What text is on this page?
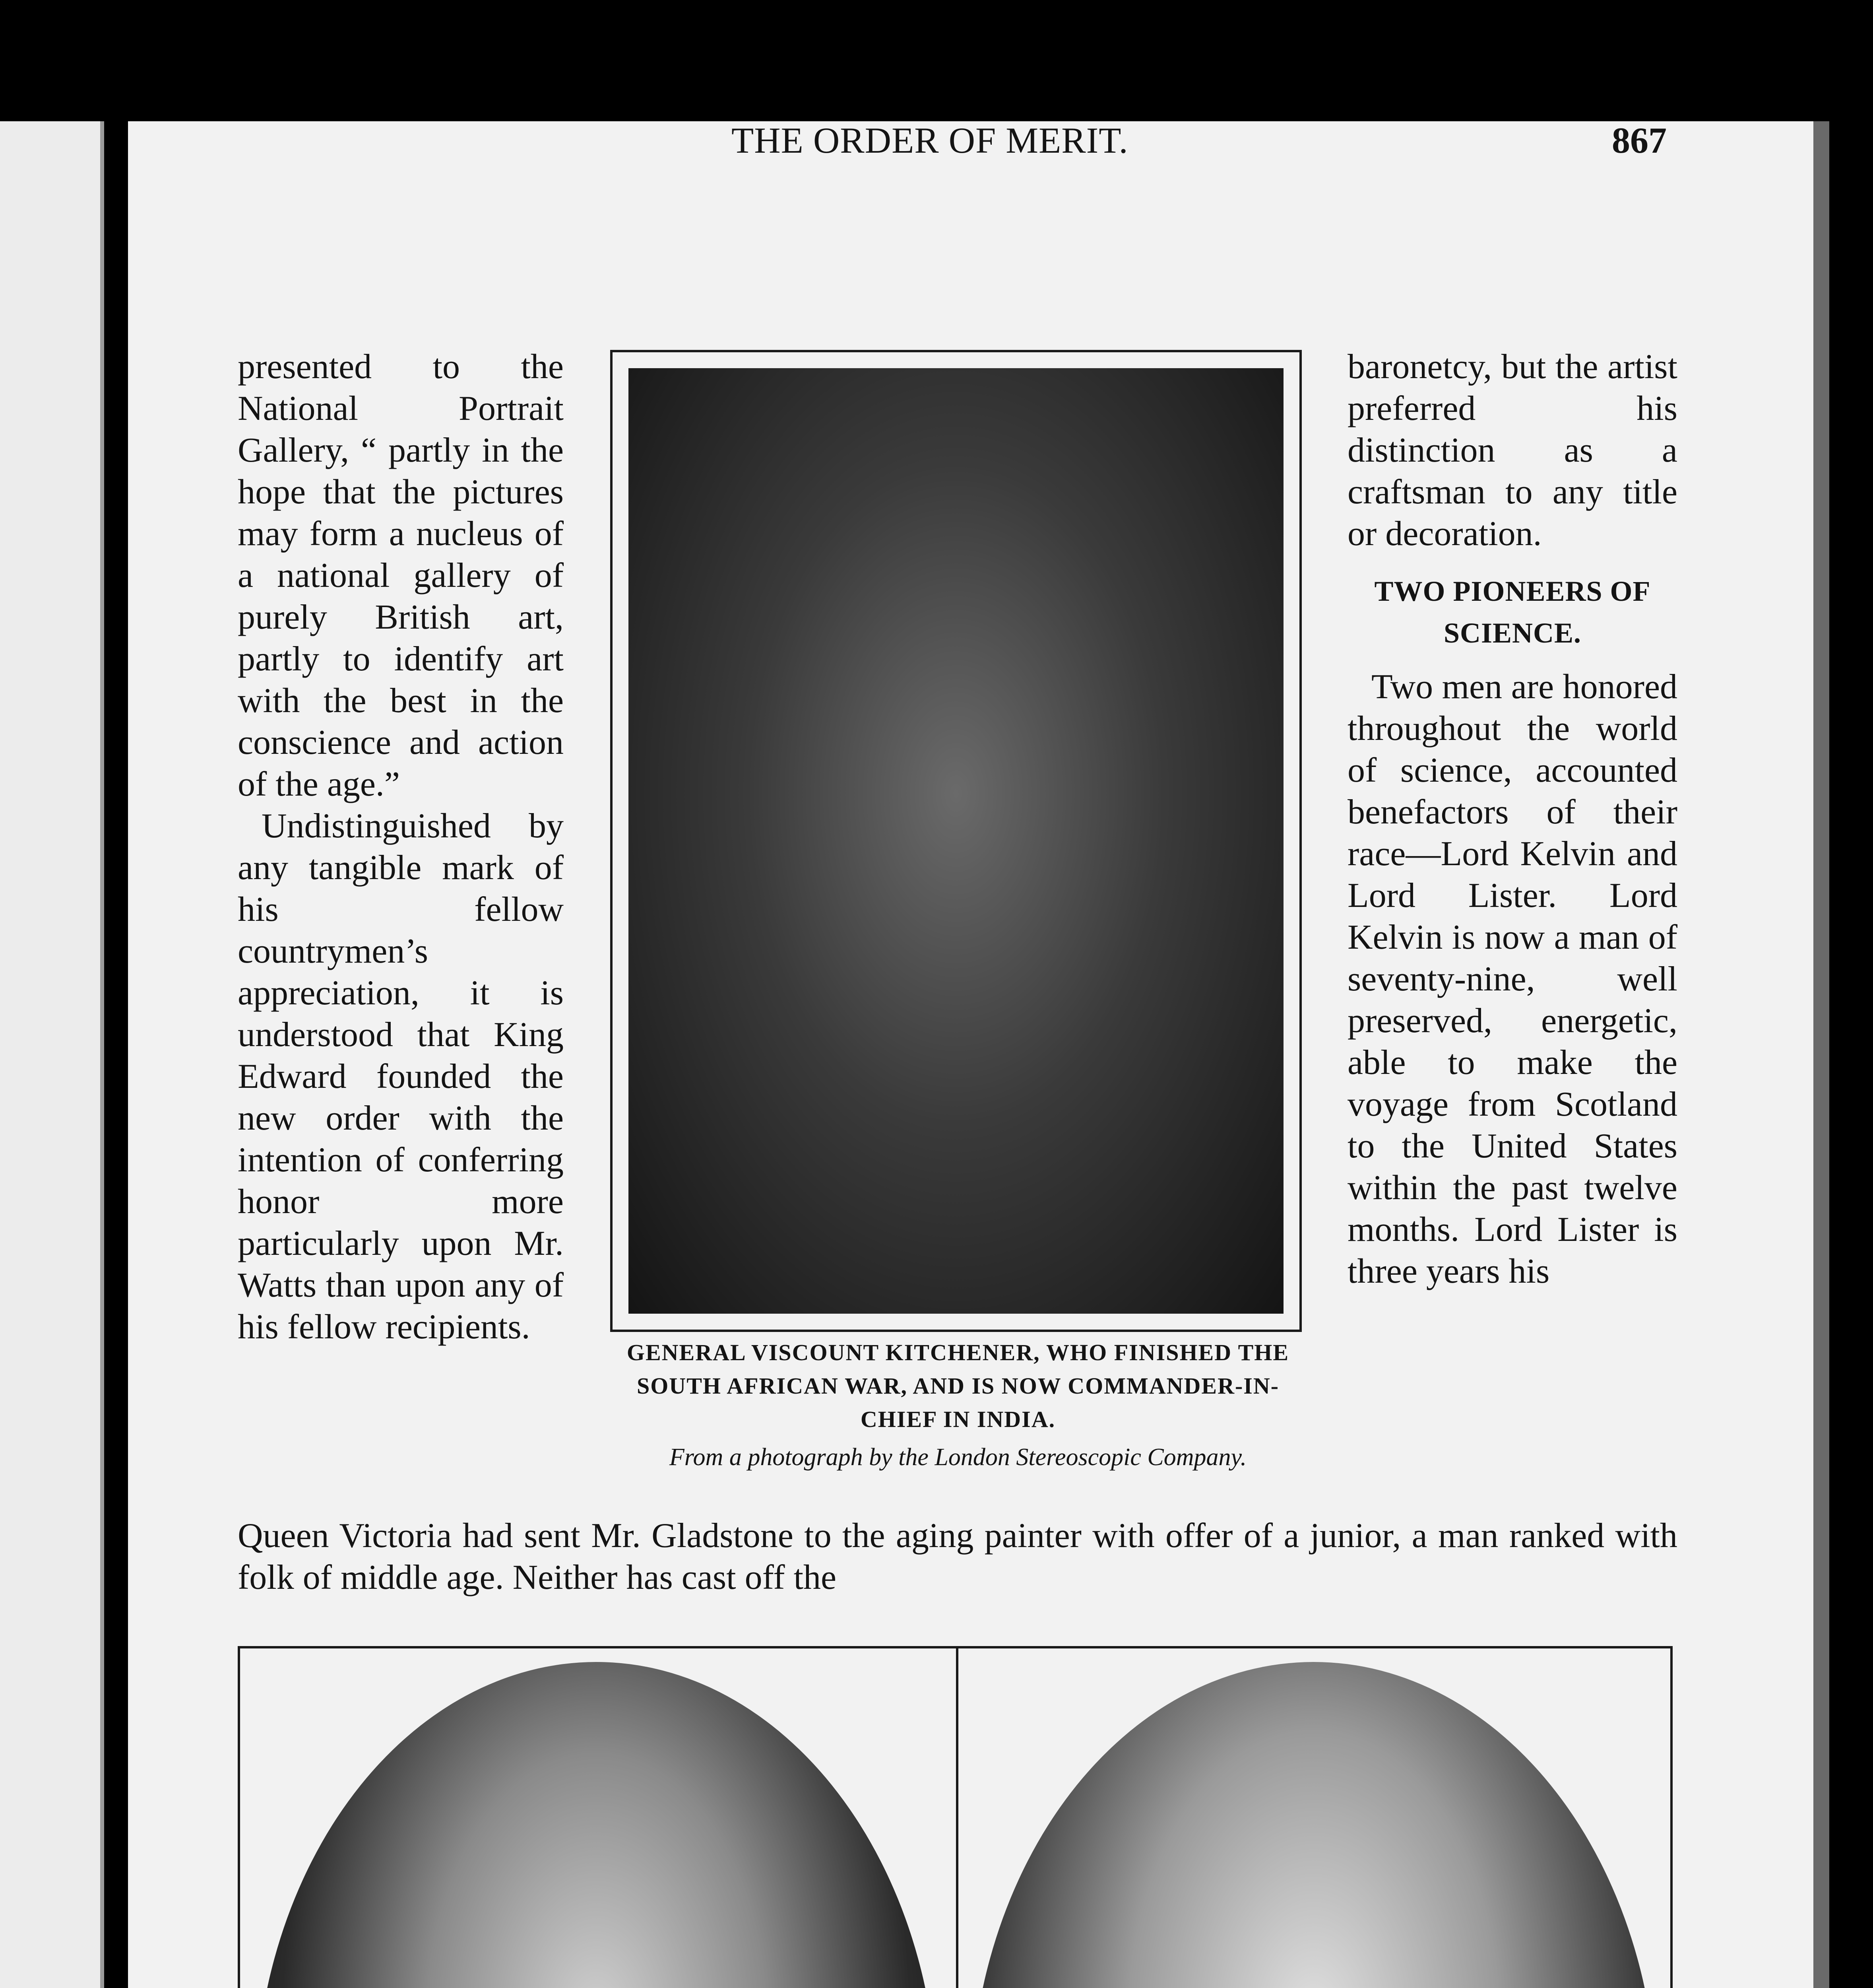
THE ORDER OF MERIT.	867

presented to the National Portrait Gallery, “ partly in the hope that the pictures may form a nucleus of a national gallery of purely British art, partly to identify art with the best in the conscience and action of the age.”

Undistinguished by any tangible mark of his fellow countrymen’s appreciation, it is understood that King Edward founded the new order with the intention of conferring honor more particularly upon Mr. Watts than upon any of his fellow recipients.

GENERAL VISCOUNT KITCHENER, WHO FINISHED THE SOUTH AFRICAN WAR, AND IS NOW COMMANDER-IN-CHIEF IN INDIA.
From a photograph by the London Stereoscopic Company.

baronetcy, but the artist preferred his distinction as a craftsman to any title or decoration.

TWO PIONEERS OF SCIENCE.

Two men are honored throughout the world of science, accounted benefactors of their race—Lord Kelvin and Lord Lister. Lord Kelvin is now a man of seventy-nine, well preserved, energetic, able to make the voyage from Scotland to the United States within the past twelve months. Lord Lister is three years his

Queen Victoria had sent Mr. Gladstone to the aging painter with offer of a junior, a man ranked with folk of middle age. Neither has cast off the
